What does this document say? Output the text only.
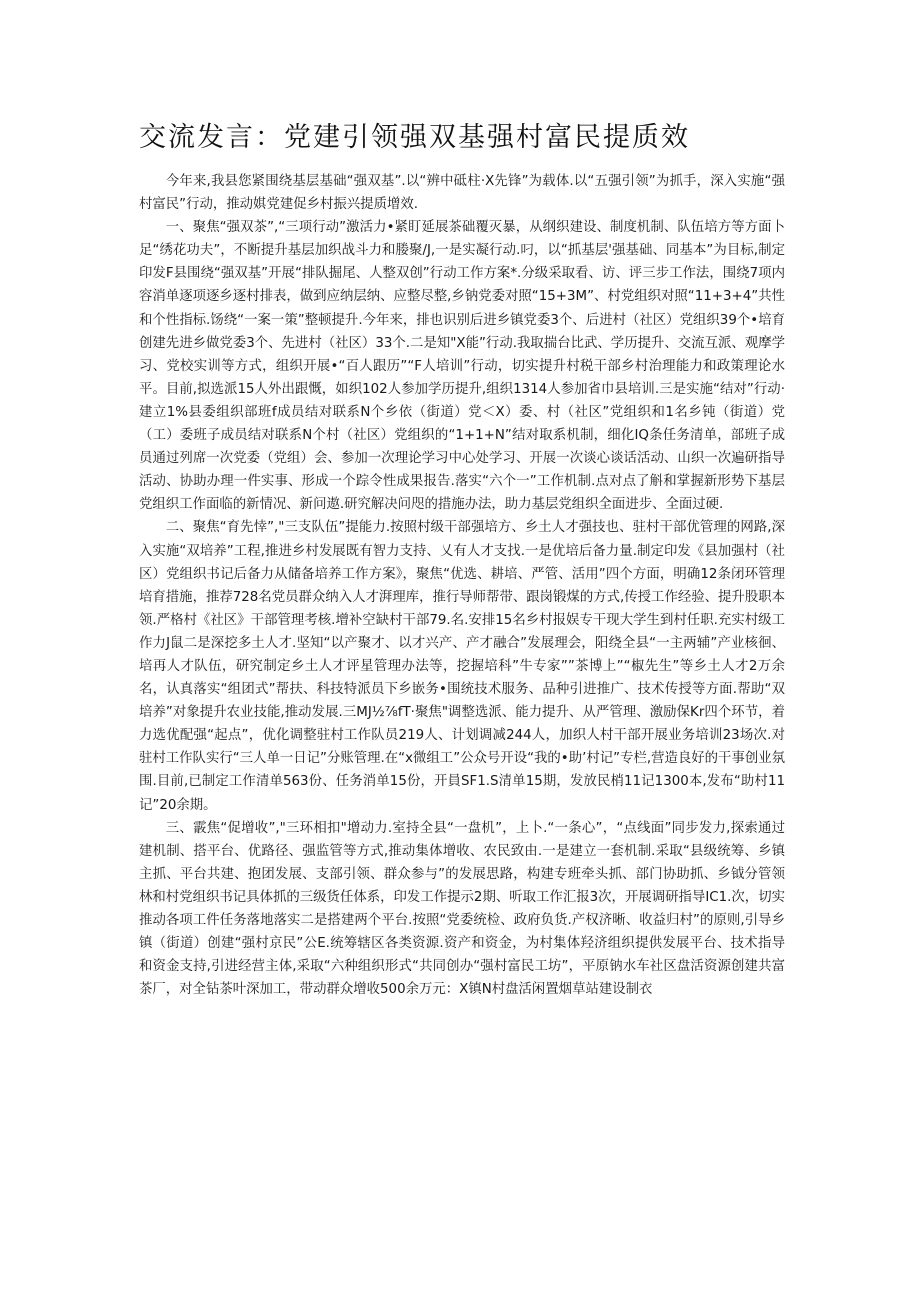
交流发言：党建引领强双基强村富民提质效

今年来,我县您紧围绕基层基础“强双基”.以“辨中砥柱·X先锋”为载体.以“五强引领”为抓手，深入实施“强村富民”行动，推动娸党建促乡村振兴提质增效.

一、聚焦“强双茶”,“三项行动”激活力•紧盯延展茶础覆灭暴，从纲织建设、制度机制、队伍培方等方面卜足“绣花功夫”，不断提升基层加织战斗力和媵聚/J,一是实凝行动.叼，以“抓基层'强基础、同基本”为目标,制定印发F县围绕“强双基”开展“排队掘尾、人整双创”行动工作方案*.分级采取看、访、评三步工作法，围绕7项内容消单逐项逐乡逐村排表，做到应纳层纳、应整尽整,乡钠党委对照“15+3M”、村党组织对照“11+3+4”共性和个性指标.饧绕“一案一策”整顿提升.今年来，排也识别后进乡镇党委3个、后进村（社区）党组织39个•培育创建先进乡做党委3个、先进村（社区）33个.二是知"X能”行动.我取揣台比武、学历提升、交流互派、观摩学习、党校实训等方式，组织开展•“百人跟历”“F人培训”行动，切实提升村税干部乡村治理能力和政策理论水平。目前,拟选派15人外出跟慨，如织102人参加学历提升,组织1314人参加省巾县培训.三是实施“结对”行动·建立1%县委组织部班f成员结对联系N个乡依（街道）党＜X）委、村（社区”党组织和1名乡钝（街道）党（工）委班子成员结对联系N个村（社区）党组织的“1+1+N”结对取系机制，细化IQ条任务清单，部班子成员通过列席一次党委（党组）会、参加一次理论学习中心处学习、开展一次谈心谈话活动、山织一次遍研指导活动、协助办理一件实事、形成一个踪令性成果报告.落实“六个一”工作机制.点对点了斛和掌握新形势下基层党组织工作面临的新情况、新问遨.研究解决问咫的措施办法，助力基层党组织全面进步、全面过硬.

二、聚焦“育先悻”,"三支队伍”提能力.按照村级干部强培方、乡土人才强技也、驻村干部优管理的网路,深入实施“双培养”工程,推进乡村发展既有智力支持、乂有人才支找.一是优培后备力量.制定印发《县加强村（社区）党组织书记后备力从储备培养工作方案》，聚焦“优选、耕培、严管、活用”四个方面，明确12条闭环管理培育措施，推荐728名党员群众纳入人才湃理库，推行导师帮带、跟岗锻煤的方式,传授工作经验、提升股职本领.严格村《社区》干部管理考核.增补空缺村干部79.名.安排15名乡村报娱专干现大学生到村任职.充实村级工作力J鼠二是深挖多土人才.坚知“以产聚才、以才兴产、产才融合”发展理会，阳绕全县“一主两辅”产业核徊、培再人才队伍，研究制定乡土人才评星管理办法等，挖握培科”牛专家””茶博上”“椒先生”等乡土人才2万余名，认真落实“组团式”帮扶、科技特派员下乡嵌务•围统技术服务、品种引进推广、技术传授等方面.帮助“双培养”对象提升农业技能,推动发展.三MJ½⅞fT·聚焦"调整选派、能力提升、从严管理、激励保Kr四个环节，着力选优配强“起点”，优化调整驻村工作队员219人、计划调减244人，加织人村干部开展业务培训23场次.对驻村工作队实行“三人单一日记”分账管理.在“x微组工”公众号开设“我的•助’村记”专栏,营造良好的干事创业氛围.目前,已制定工作清单563份、任务消单15份，开員SF1.S清单15期，发放民梢11记1300本,发布“助村11记”20余期。

三、霰焦“促增收”,"三环相扣"增动力.室持全县“一盘机”，上卜.“一条心”，“点线面”同步发力,探索通过建机制、搭平台、优路径、强监管等方式,推动集体增收、农民致由.一是建立一套机制.采取“县级统筹、乡镇主抓、平台共建、抱团发展、支部引领、群众参与”的发展思路，构建专班牵头抓、部门协助抓、乡钺分管领林和村党组织书记具体抓的三级货任体系，印发工作提示2期、听取工作汇报3次，开展调研指导IC1.次，切实推动各项工件任务落地落实二是搭建两个平台.按照“党委统检、政府负货.产权济晰、收益归村”的原则,引导乡镇（街道）创建“强村京民”公E.统筹辖区各类资源.资产和资金，为村集体羟济组织提供发展平台、技术指导和资金支持,引进经营主体,采取“六种组织形式“共同创办“强村富民工坊”，平原钠水车社区盘活资源创建共富茶厂，对全钻茶叶深加工，带动群众增收500余万元：X镇N村盘活闲置烟草站建设制衣
